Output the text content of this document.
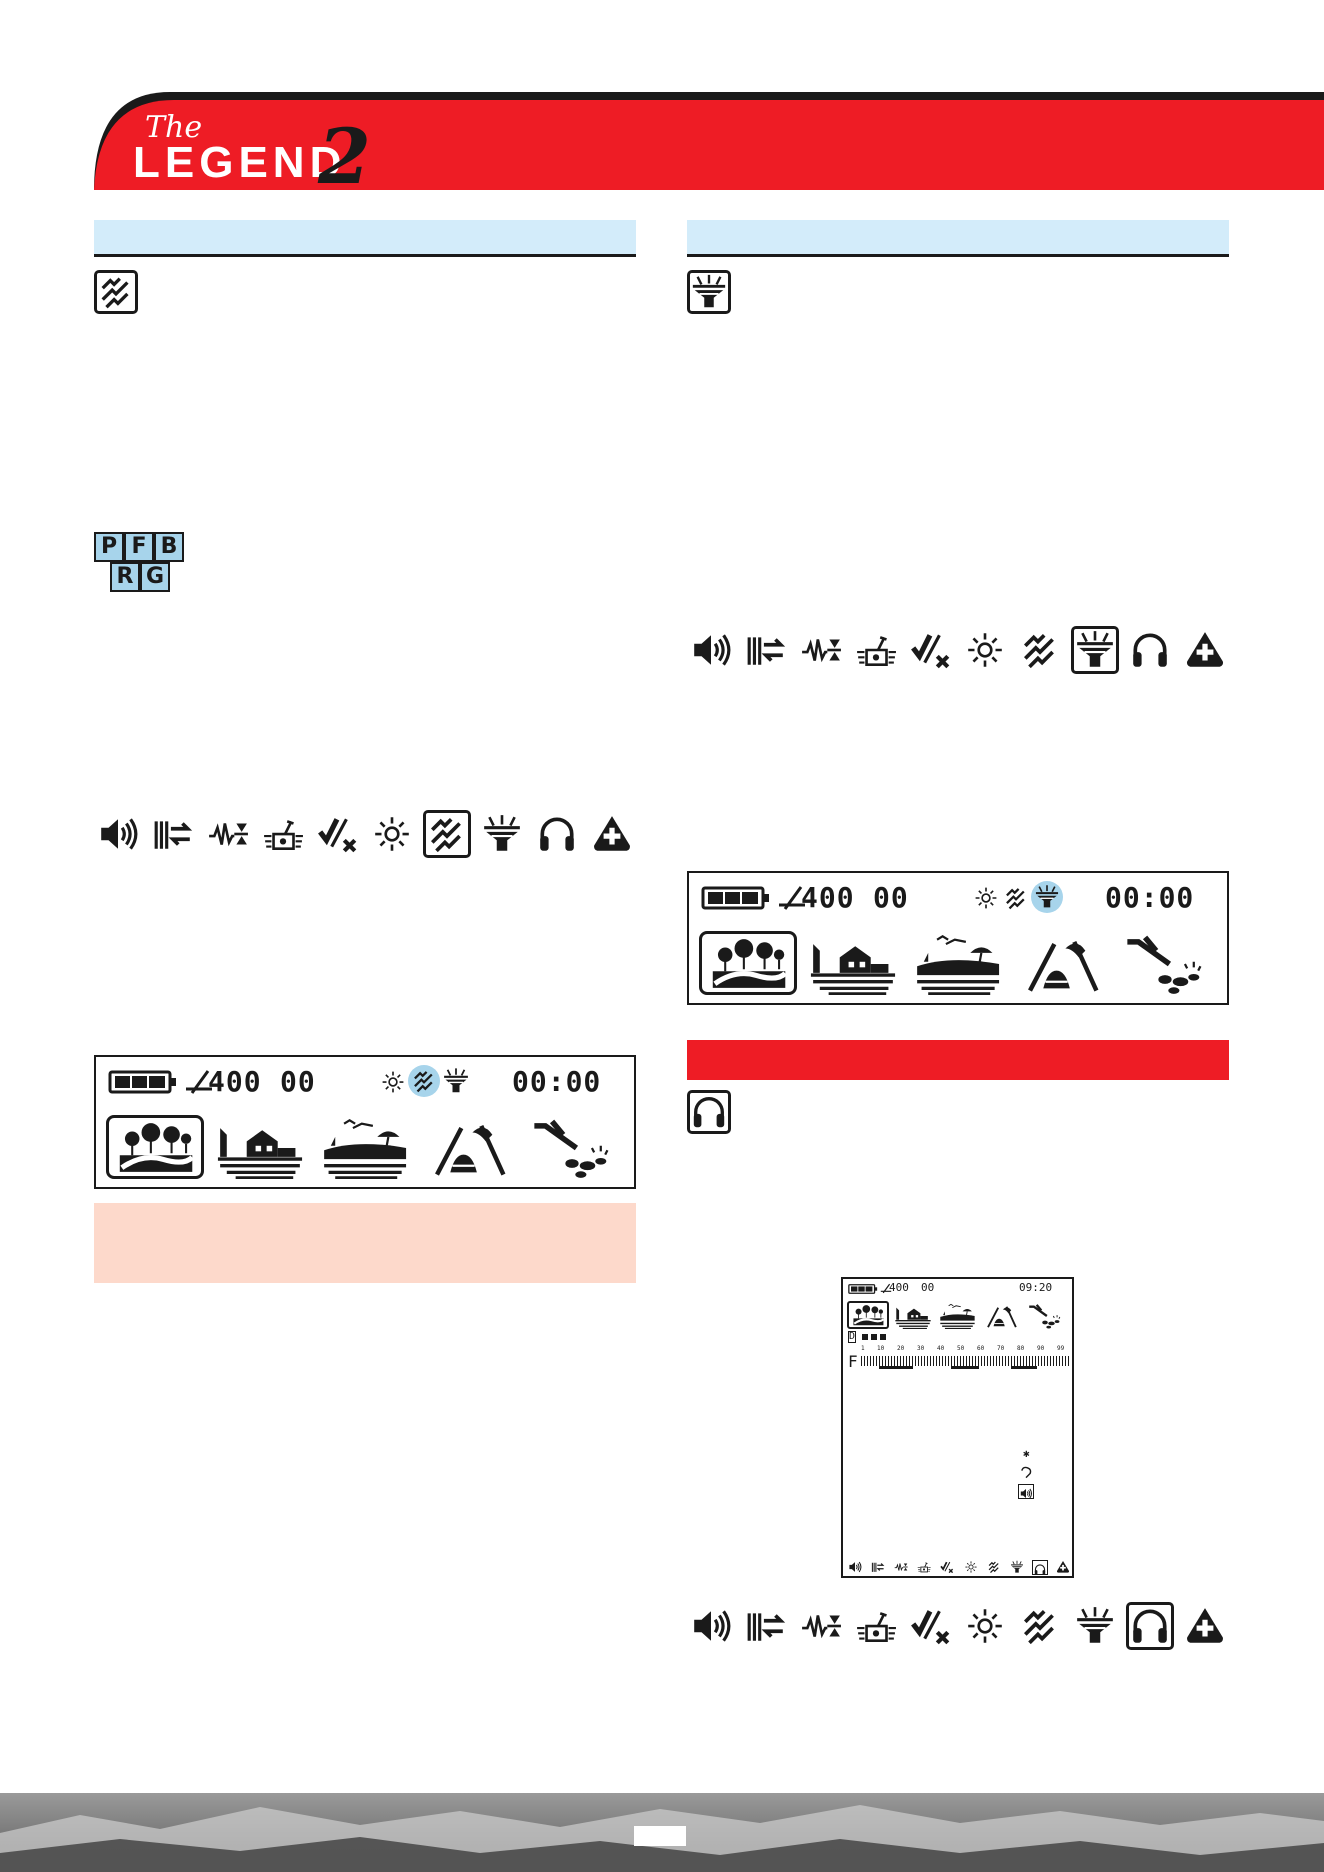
The
LEGEND
2
P F B
R G
400 00	00:00
400 00	00:00
400 00	09:20
D
F
1 10 20 30 40 50 60 70 80 90 99
✱
